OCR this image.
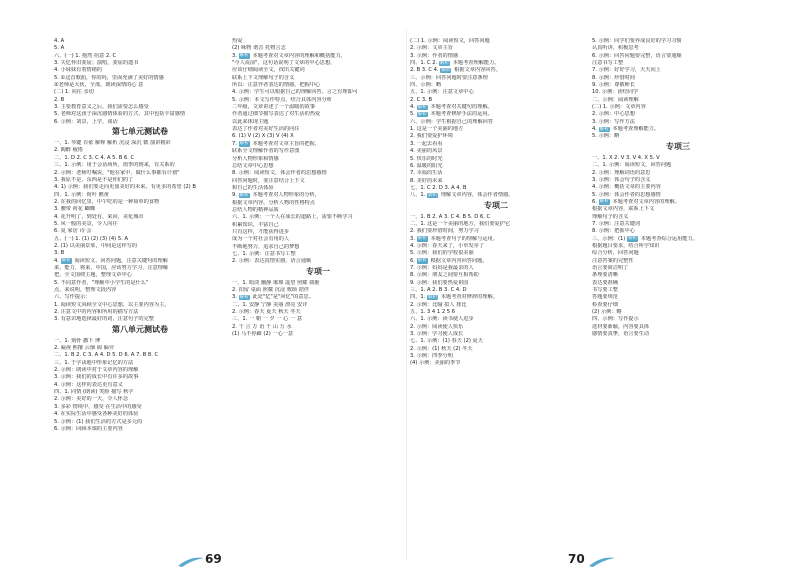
4. A
5. A
六、(一) 1. 拖然 拐意 2. C
3. 失忆怀旧委屈；演唱，委屈的遗书
4. 小妹妹有着情绪的
5. ①这首歌曲，你的吗，里面充满了美好的情感
②老师是大伙，全部，朗读深情的心 意
(二) 1. 向往 亲切
2. B
3. 主要教育意义之后，我们需要怎么感受
5. 老师对这孩子深沉感情体验的方式，其中包括丰富感情
6. 示例：刘景，上学，谈话
第七单元测试卷
一、1. 琴键 百依 解释 解析 沉浸 深沉 微 演讲精彩
2. 陶醉 疲倦
二、1. D 2. C 3. C 4. A 5. B 6. C
三、1. 示例：用于会话场所，雨季的到来，有关系的
2. 示例：老师叮嘱说，"他在家中，做什么事都有计划"
3. 我原不是，东西是不是你们的了
4. 1) 示例：我们要走向更加美好的未来，有更多的希望 (2) B
四、1. 示例：荷叶 鹅黄
2. 在我的回忆里，中午吃的是一种简单的食物
3. 腰带 荷花 蝴蝶
4. 花开明了，到处有，来回，美化城市
5. 风一般的美景，令人向往
6. 夏 家居 诗 会
五、(一) 1. (1) (2) (3) (4) 5. A
2. (1) 以美丽景象，中间是这样写的
3. B
4. 解析 阅读短文，回答问题，注意关键句的理解
来，能力，将来，中国，应该努力学习，注意理解
把，全文围绕主题，整理文章中心
5. 不同意作者，"理解中小学生的是什么"
点，来说明，整理文段内容
六、写作提示：
1. 阅读短文回顾全文中心思想，以主要内容为主。
2. 注意文中的内容和所用的描写方法
3. 有意识地选择最好的词，注意句子的完整
第八单元测试卷
一、1. 刻骨 撒下 博
2. 凝视 熙攘 云烟 阔 偏旁
二、1. B 2. C 3. A 4. D 5. D 6. A 7. B 8. C
三、1. 于字诀地中形象记忆的方法
2. 示例：朗读中对于文章内容的理解
3. 示例：我们的成长中有许多的故事
4. 示例：这样的表达更有意义
四、1. 同情 (朗读) 笑脸 描写 秋字
2. 示例：美好的一天，令人怀念
3. 多彩 情境中，感受 在生活中的感受
4. 在实际生活中感受各种美好的体验
5. 示例：(1) 我们生活的方式是多元的
6. 示例：回顾本课的主要内容
热爱
(2) 咏物 谐音 托物言志
3. 解析 本题考查对文章内容的理解和概括能力，
"今人说前"，这句话说明了文章的中心思想，
应该仔细阅读全文，找出关键词
联系上下文理解句子的含义
所以：注意作者表达的情感，把握中心
4. 示例：学生可以根据自己的理解回答，言之有理即可
5. 示例：本文写作特点，结合具体内容分析
二年级，文章讲述了一个温暖的故事
作者通过细节描写表达了对生活的热爱
以此来体现主题
表达了作者对美好生活的向往
6. (1) V (2) X (3) V (4) X
7. 解析 本题考查对文章主旨的把握，
联系全文理解作者的写作意图
分析人物形象和情感
总结文章中心思想
8. 示例：阅读短文，体会作者的思想感情
回答问题时，要注意结合上下文
和自己的生活体验
9. 解析 本题考查对人物形象的分析，
根据文章内容，分析人物的性格特点
总结人物的精神品质
六、1. 示例：一个人在成长的道路上，需要不断学习
积累知识，丰富自己
只有这样，才能获得进步
成为一个对社会有用的人
不断地努力，追求自己的梦想
七、1. 示例：注意书写工整
2. 示例：表达真情实感，语言通顺
专项一
一、1. 暗淡 幽静 璀璨 遥望 照耀 旖旎
2. 扣留 桌面 照耀 沉浸 歌颂 陪伴
3. 解析 此处"忆"是"回忆"的意思。
二、1. 安静 宁静 美丽 漂亮 安详
2. 示例：春天 夏天 秋天 冬天
三、1. 一 朝 一 夕 一 心 一 意
2. 千 言 万 语 千 山 万 水
(1) 马不停蹄 (2) 一心一意
(二) 1. 示例：阅读短文，回答问题
2. 示例：文章主旨
3. 示例：作者的情感
四、1. C 2. 解析 本题考查理解能力。
2. B 3. C 4. 解析 根据文章内容回答。
三、示例：回答问题时要注意条理
四、示例：略
五、1. 示例：注意文章中心
2. C 3. B
4. 解析 本题考查对关键句的理解。
5. 解析 本题考查修辞手法的运用。
六、示例：学生根据自己的理解回答
1. 这是一个美丽的地方
2. 我们要爱护环境
3. 一起去看看
4. 美丽的风景
5. 快乐的时光
6. 温暖的阳光
7. 幸福的生活
8. 美好的未来
七、1. C 2. D 3. A 4. B
八、1. 解析 理解文章内容，体会作者情感。
专项二
一、1. B 2. A 3. C 4. B 5. D 6. C
二、1. 这是一个美丽的地方，我们要爱护它
2. 我们要珍惜时间，努力学习
3. 解析 本题考查句子的理解与运用。
4. 示例：春天来了，小草发芽了
5. 示例：我们的学校很美丽
6. 解析 根据文章内容回答问题。
7. 示例：妈妈是我最亲的人
8. 示例：朋友之间要互相帮助
9. 示例：我们要热爱祖国
三、1. A 2. B 3. C 4. D
四、1. 解析 本题考查对修辞的理解。
2. 示例：比喻 拟人 排比
五、1. 3 4 1 2 5 6
六、1. 示例：读书使人进步
2. 示例：阅读使人快乐
3. 示例：学习使人成长
七、1. 示例：(1) 春天 (2) 夏天
2. 示例：(1) 秋天 (2) 冬天
3. 示例：四季分明
(4) 示例：美丽的季节
5. 示例：同学们要养成良好的学习习惯
认真听讲，积极思考
6. 示例：回答问题要完整，语言要通顺
注意书写工整
7. 示例：好好学习，天天向上
8. 示例：珍惜时间
9. 示例：尊敬师长
10. 示例：团结同学
二、示例：阅读理解
(二) 1. 示例：文章内容
2. 示例：中心思想
3. 示例：写作方法
4. 解析 本题考查理解能力。
5. 示例：略
专项三
一、1. X 2. V 3. V 4. X 5. V
二、1. 示例：阅读短文，回答问题
2. 示例：理解词语的意思
3. 示例：体会句子的含义
4. 示例：概括文章的主要内容
5. 示例：体会作者的思想感情
6. 解析 本题考查对文章内容的理解。
根据文章内容，联系上下文
理解句子的含义
7. 示例：注意关键词
8. 示例：把握中心
三、示例：(1) 解析 本题考查综合运用能力。
根据题目要求，结合所学知识
综合分析，回答问题
注意答案的完整性
语言要简洁明了
条理要清晰
表达要准确
书写要工整
答题要规范
检查要仔细
(2) 示例：略
四、示例：写作提示
选材要新颖，内容要具体
感情要真挚，语言要生动
69	70
